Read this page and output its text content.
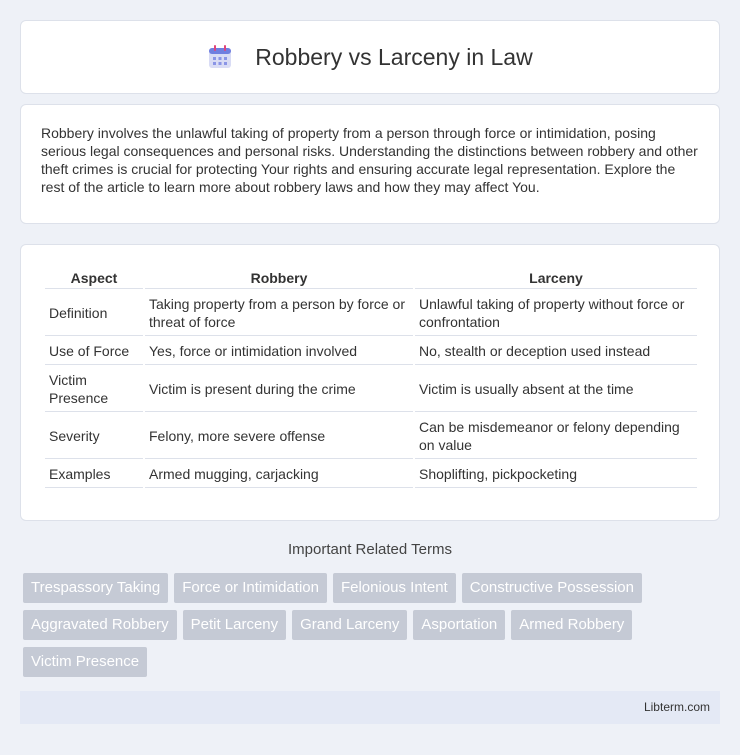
Robbery vs Larceny in Law

Robbery involves the unlawful taking of property from a person through force or intimidation, posing serious legal consequences and personal risks. Understanding the distinctions between robbery and other theft crimes is crucial for protecting Your rights and ensuring accurate legal representation. Explore the rest of the article to learn more about robbery laws and how they may affect You.

Aspect	Robbery	Larceny
Definition	Taking property from a person by force or threat of force	Unlawful taking of property without force or confrontation
Use of Force	Yes, force or intimidation involved	No, stealth or deception used instead
Victim Presence	Victim is present during the crime	Victim is usually absent at the time
Severity	Felony, more severe offense	Can be misdemeanor or felony depending on value
Examples	Armed mugging, carjacking	Shoplifting, pickpocketing
Important Related Terms
Trespassory Taking	Force or Intimidation	Felonious Intent	Constructive Possession
Aggravated Robbery	Petit Larceny	Grand Larceny	Asportation	Armed Robbery
Victim Presence
Libterm.com
